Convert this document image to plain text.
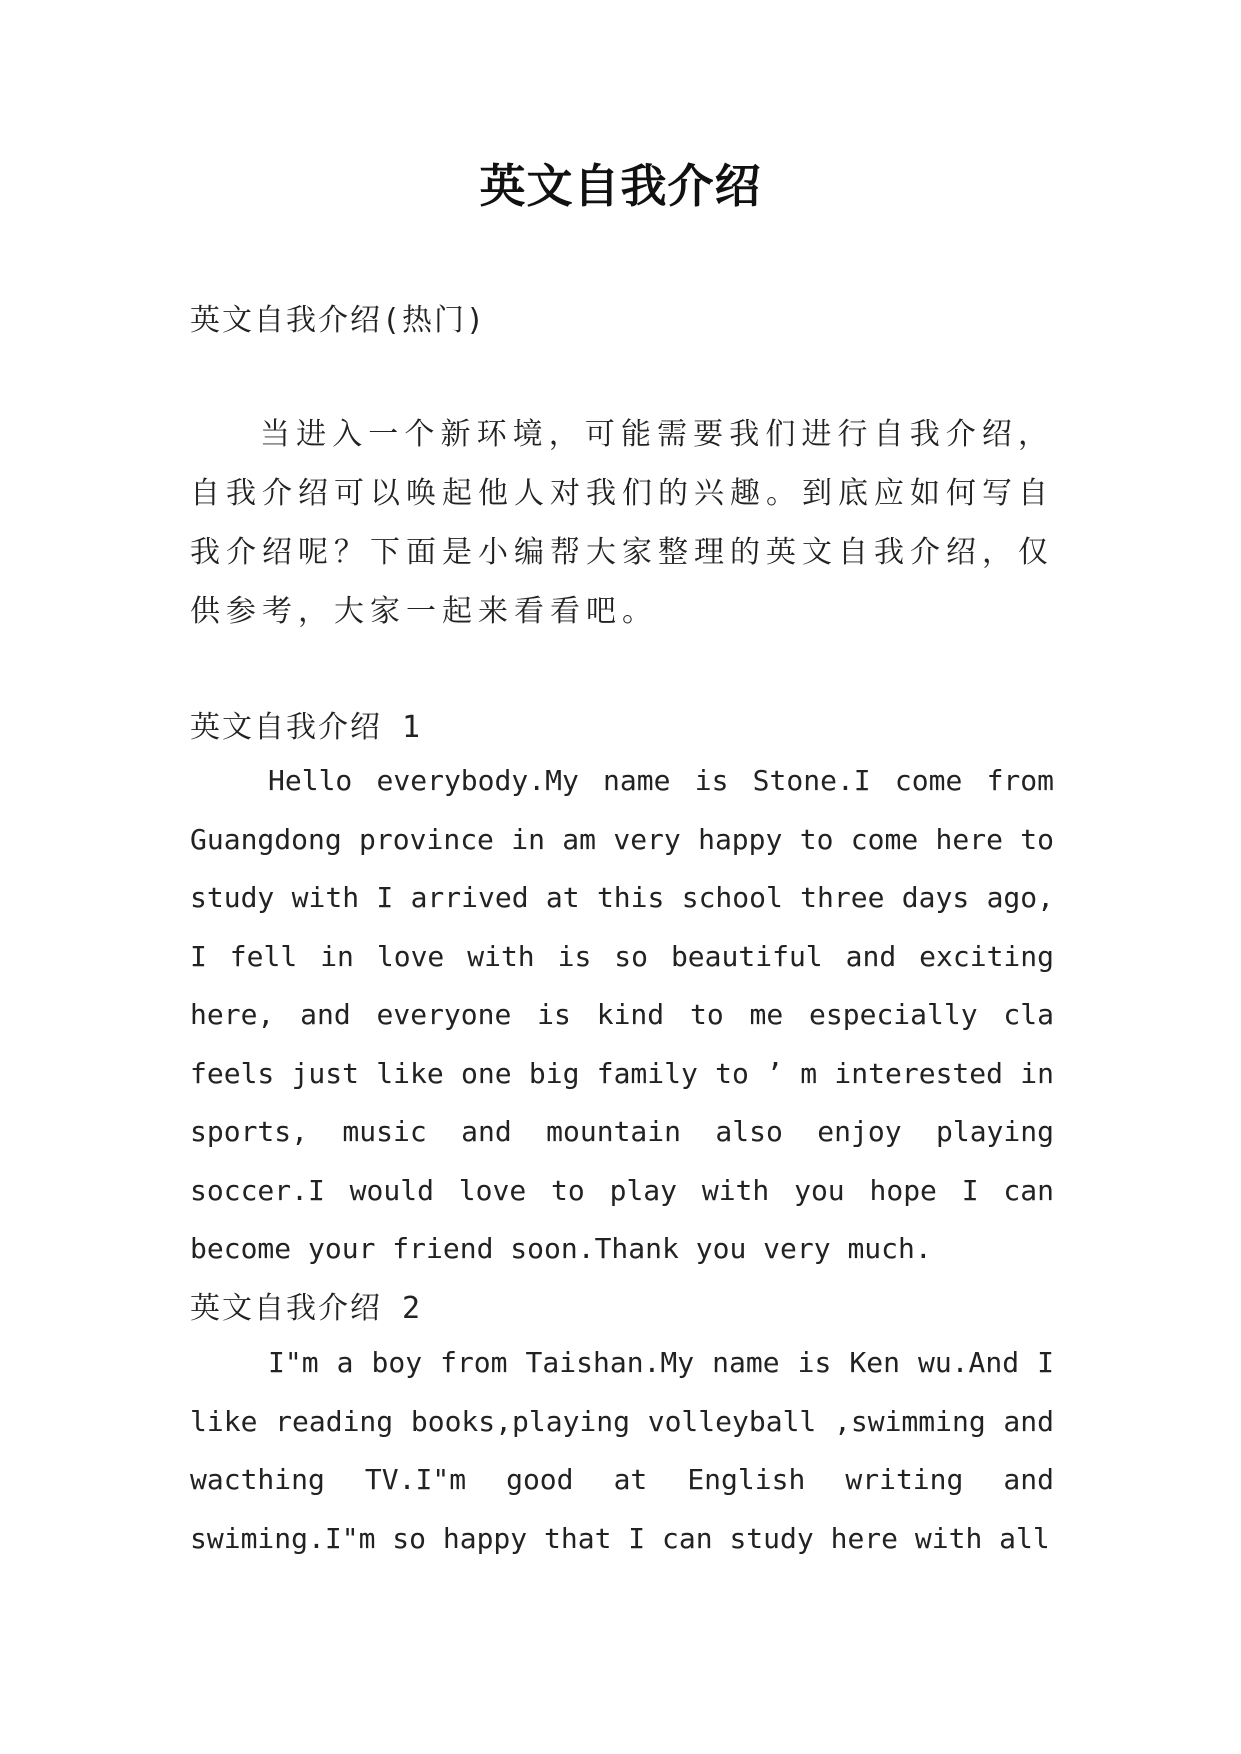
英文自我介绍
英文自我介绍(热门)
当进入一个新环境，可能需要我们进行自我介绍，自我介绍可以唤起他人对我们的兴趣。到底应如何写自我介绍呢？下面是小编帮大家整理的英文自我介绍，仅供参考，大家一起来看看吧。
英文自我介绍 1
Hello everybody.My name is Stone.I come from Guangdong province in am very happy to come here to study with I arrived at this school three days ago, I fell in love with is so beautiful and exciting here, and everyone is kind to me especially cla feels just like one big family to ’ m interested in sports, music and mountain also enjoy playing soccer.I would love to play with you hope I can become your friend soon.Thank you very much.
英文自我介绍 2
I"m a boy from Taishan.My name is Ken wu.And I like reading books,playing volleyball ,swimming and wacthing TV.I"m good at English writing and swiming.I"m so happy that I can study here with all
